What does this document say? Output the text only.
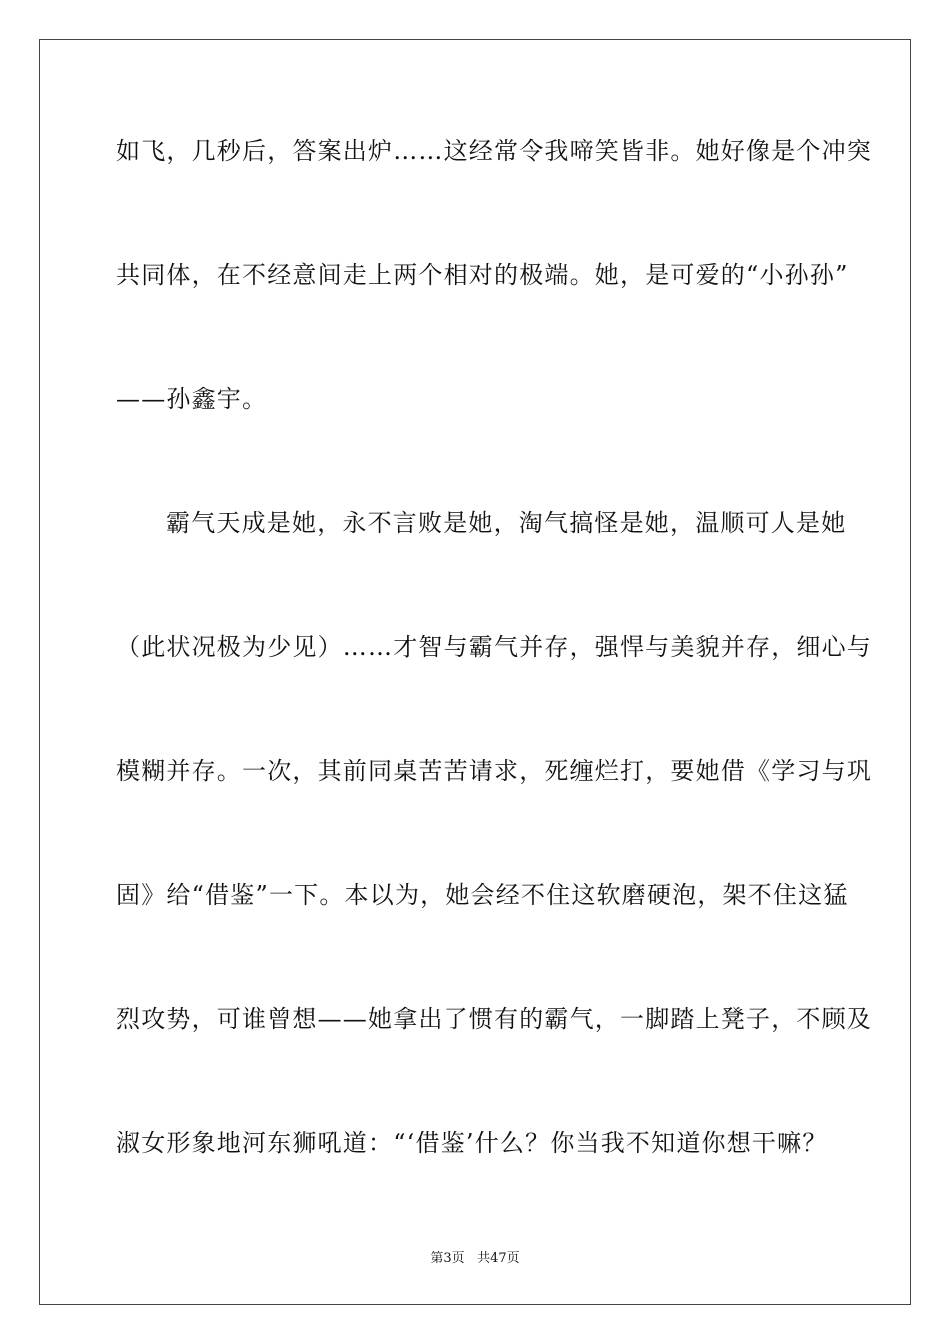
如飞，几秒后，答案出炉……这经常令我啼笑皆非。她好像是个冲突
共同体，在不经意间走上两个相对的极端。她，是可爱的“小孙孙”
——孙鑫宇。
霸气天成是她，永不言败是她，淘气搞怪是她，温顺可人是她
（此状况极为少见）……才智与霸气并存，强悍与美貌并存，细心与
模糊并存。一次，其前同桌苦苦请求，死缠烂打，要她借《学习与巩
固》给“借鉴”一下。本以为，她会经不住这软磨硬泡，架不住这猛
烈攻势，可谁曾想——她拿出了惯有的霸气，一脚踏上凳子，不顾及
淑女形象地河东狮吼道：“‘借鉴’什么？你当我不知道你想干嘛？
第3页 共47页
